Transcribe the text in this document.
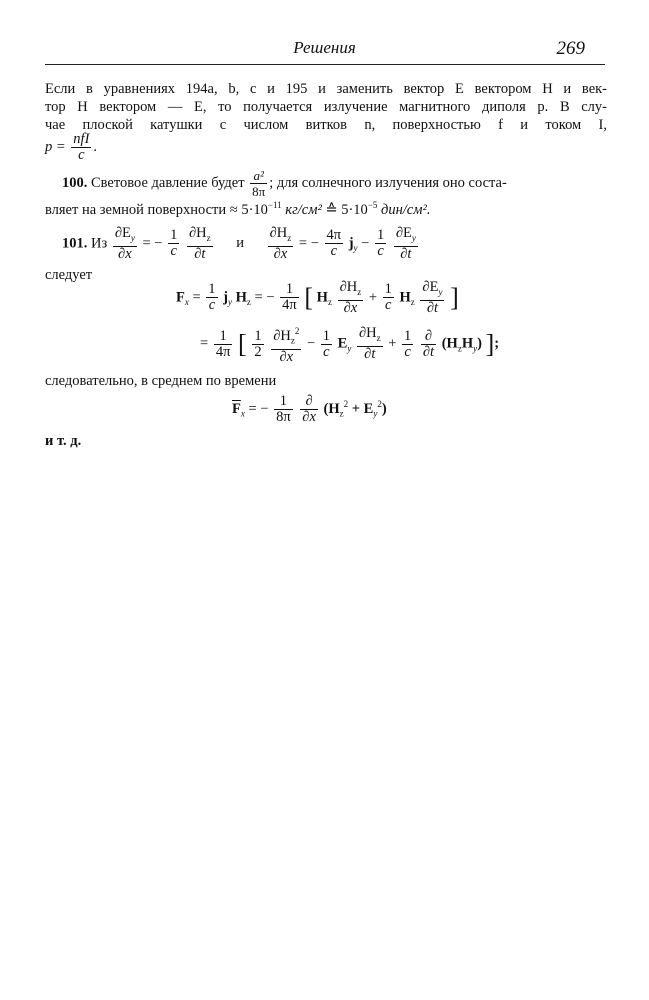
Решения	269
Если в уравнениях 194a, b, c и 195 и заменить вектор E вектором H и век-
тор H вектором — E, то получается излучение магнитного диполя p. В слу-
чае плоской катушки с числом витков n, поверхностью f и током I,
$p = \frac{\text{nfI}}{c}$ .
100. Световое давление будет $\frac{\text{a²}}{8\pi}$ ; для солнечного излучения оно соста-
вляет на земной поверхности ≈ $5\cdot 10^{-11}$ кг/см² ≙ $5\cdot 10^{-5}$ дин/см².
101. Из $\frac{\partial E_y}{\partial x}$ = − $\frac{1}{c}$
$\frac{\partial H_z}{\partial t}$ и $\frac{\partial H_z}{\partial x}$ = − $\frac{4\pi}{c} j_y - \frac{1}{c}$
$\frac{\partial E_y}{\partial t}$
следует
$F_x = \frac{1}{c} j_y$ $H_z$ = − $\frac{1}{4\pi}$ [ $H_z \frac{\partial H_z}{\partial x} + \frac{1}{c} H_z \frac{\partial E_y}{\partial t}$ ]
= $\frac{1}{4\pi}$ [ $\frac{1}{2}$
$\frac{\partial H_z^2}{\partial x} - \frac{1}{c} E_y \frac{\partial H_z}{\partial t} + \frac{1}{c}$
$\frac{\partial}{\partial t} (H_zH_y)$ ];
следовательно, в среднем по времени
$\overline{F}_x$ = − $\frac{1}{8\pi}$
$\frac{\partial}{\partial x} (H_z^2 + E_y^2)$
и т. д.
